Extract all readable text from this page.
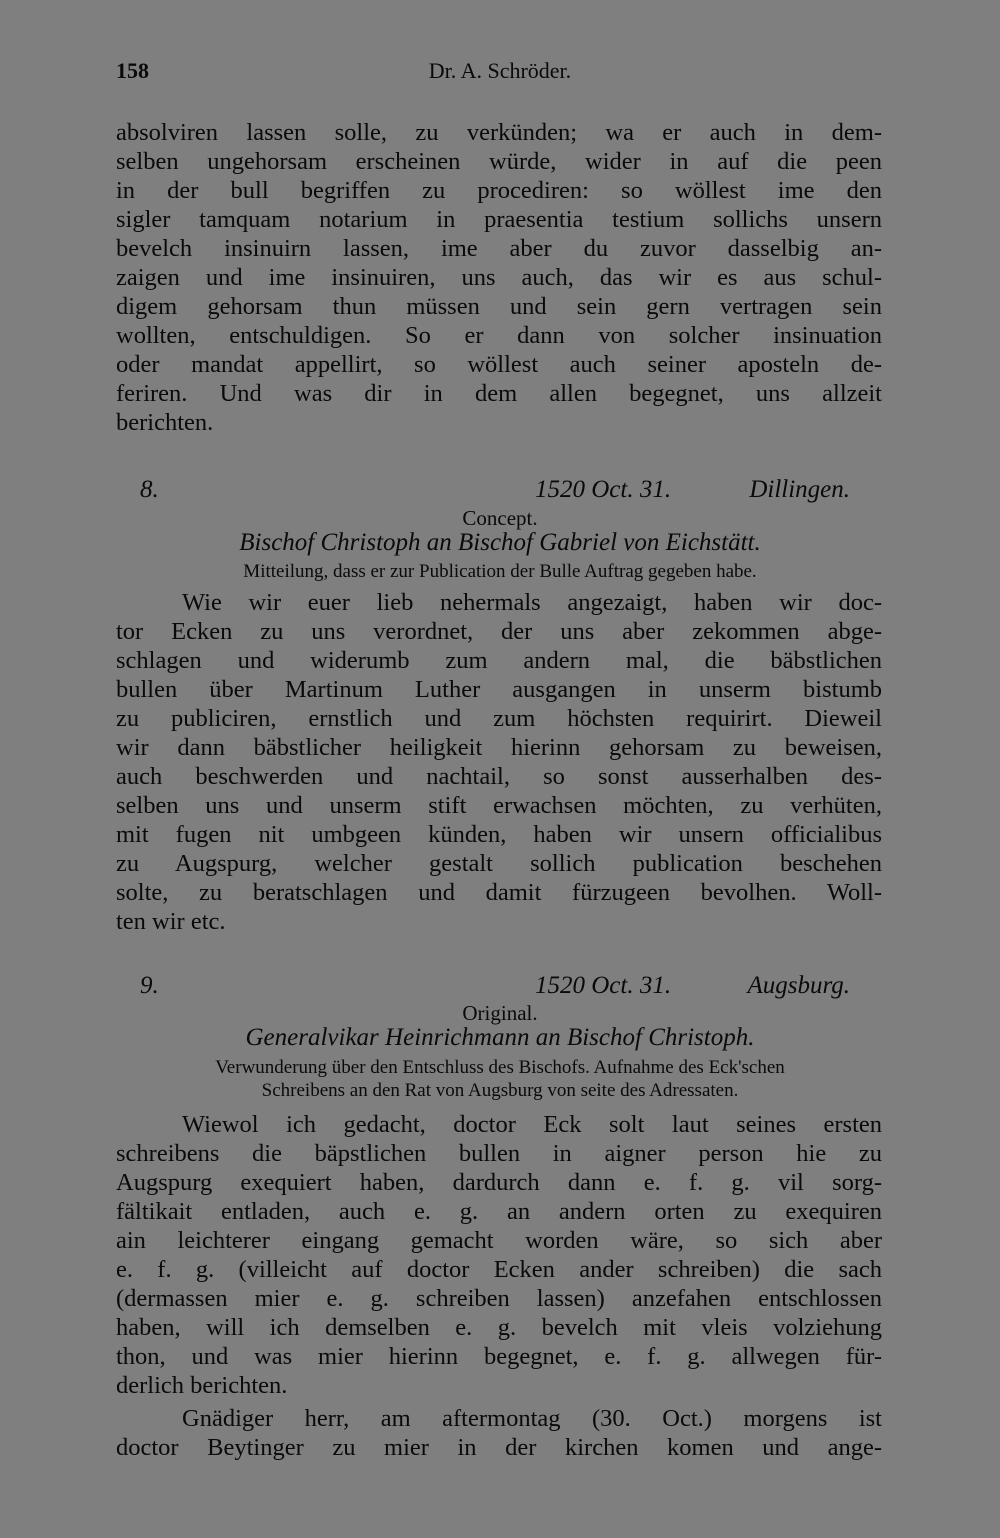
158	Dr. A. Schröder.
absolviren lassen solle, zu verkünden; wa er auch in dem-
selben ungehorsam erscheinen würde, wider in auf die peen
in der bull begriffen zu procediren: so wöllest ime den
sigler tamquam notarium in praesentia testium sollichs unsern
bevelch insinuirn lassen, ime aber du zuvor dasselbig an-
zaigen und ime insinuiren, uns auch, das wir es aus schul-
digem gehorsam thun müssen und sein gern vertragen sein
wollten, entschuldigen. So er dann von solcher insinuation
oder mandat appellirt, so wöllest auch seiner aposteln de-
feriren. Und was dir in dem allen begegnet, uns allzeit
berichten.
8.	1520 Oct. 31.	Dillingen.
Concept.
Bischof Christoph an Bischof Gabriel von Eichstätt.
Mitteilung, dass er zur Publication der Bulle Auftrag gegeben habe.
Wie wir euer lieb nehermals angezaigt, haben wir doc-
tor Ecken zu uns verordnet, der uns aber zekommen abge-
schlagen und widerumb zum andern mal, die bäbstlichen
bullen über Martinum Luther ausgangen in unserm bistumb
zu publiciren, ernstlich und zum höchsten requirirt. Dieweil
wir dann bäbstlicher heiligkeit hierinn gehorsam zu beweisen,
auch beschwerden und nachtail, so sonst ausserhalben des-
selben uns und unserm stift erwachsen möchten, zu verhüten,
mit fugen nit umbgeen künden, haben wir unsern officialibus
zu Augspurg, welcher gestalt sollich publication beschehen
solte, zu beratschlagen und damit fürzugeen bevolhen. Woll-
ten wir etc.
9.	1520 Oct. 31.	Augsburg.
Original.
Generalvikar Heinrichmann an Bischof Christoph.
Verwunderung über den Entschluss des Bischofs. Aufnahme des Eck'schen
Schreibens an den Rat von Augsburg von seite des Adressaten.
Wiewol ich gedacht, doctor Eck solt laut seines ersten
schreibens die bäpstlichen bullen in aigner person hie zu
Augspurg exequiert haben, dardurch dann e. f. g. vil sorg-
fältikait entladen, auch e. g. an andern orten zu exequiren
ain leichterer eingang gemacht worden wäre, so sich aber
e. f. g. (villeicht auf doctor Ecken ander schreiben) die sach
(dermassen mier e. g. schreiben lassen) anzefahen entschlossen
haben, will ich demselben e. g. bevelch mit vleis volziehung
thon, und was mier hierinn begegnet, e. f. g. allwegen für-
derlich berichten.
Gnädiger herr, am aftermontag (30. Oct.) morgens ist
doctor Beytinger zu mier in der kirchen komen und ange-
